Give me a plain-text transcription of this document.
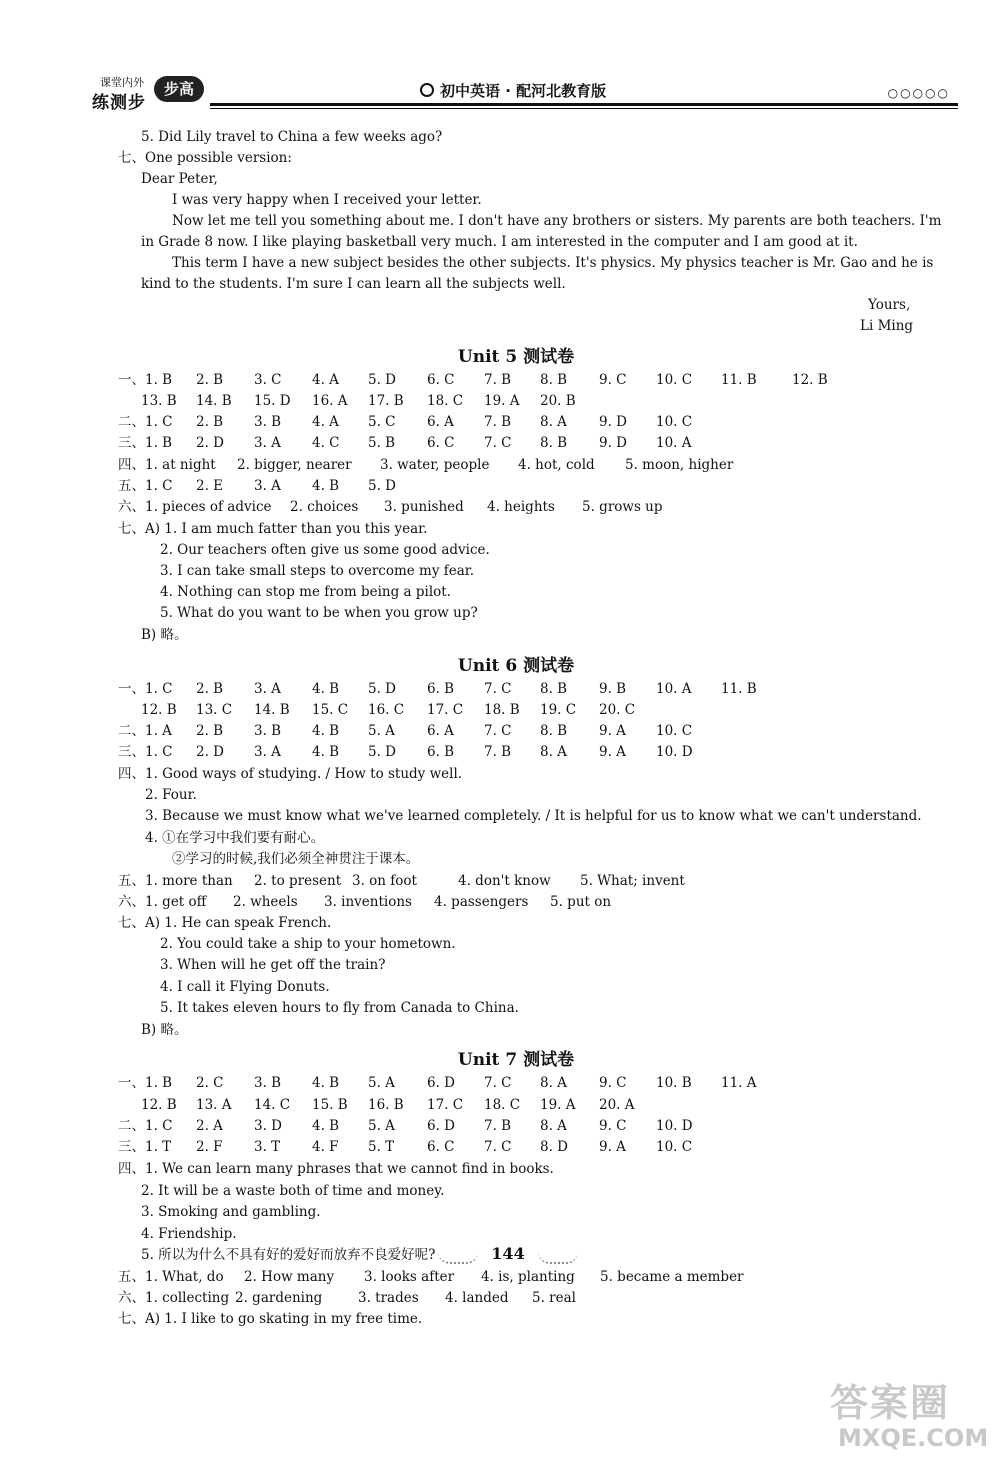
课堂内外
练测步
步高	初中英语 · 配河北教育版	○○○○○
5. Did Lily travel to China a few weeks ago?
七、One possible version:
Dear Peter,
I was very happy when I received your letter.
Now let me tell you something about me. I don't have any brothers or sisters. My parents are both teachers. I'm
in Grade 8 now. I like playing basketball very much. I am interested in the computer and I am good at it.
This term I have a new subject besides the other subjects. It's physics. My physics teacher is Mr. Gao and he is
kind to the students. I'm sure I can learn all the subjects well.
Yours,
Li Ming
Unit 5 测试卷
一、1. B 2. B 3. C 4. A 5. D 6. C 7. B 8. B 9. C 10. C 11. B	12. B
13. B 14. B 15. D 16. A 17. B 18. C 19. A 20. B
二、1. C 2. B 3. B 4. A 5. C 6. A 7. B 8. A 9. D 10. C
三、1. B 2. D 3. A 4. C 5. B 6. C 7. C 8. B 9. D 10. A
四、1. at night 2. bigger, nearer 3. water, people 4. hot, cold 5. moon, higher
五、1. C 2. E 3. A 4. B 5. D
六、1. pieces of advice 2. choices 3. punished 4. heights 5. grows up
七、A) 1. I am much fatter than you this year.
2. Our teachers often give us some good advice.
3. I can take small steps to overcome my fear.
4. Nothing can stop me from being a pilot.
5. What do you want to be when you grow up?
B) 略。
Unit 6 测试卷
一、1. C 2. B 3. A 4. B 5. D 6. B 7. C 8. B 9. B 10. A 11. B
12. B 13. C 14. B 15. C 16. C 17. C 18. B 19. C 20. C
二、1. A 2. B 3. B 4. B 5. A 6. A 7. C 8. B 9. A 10. C
三、1. C 2. D 3. A 4. B 5. D 6. B 7. B 8. A 9. A 10. D
四、1. Good ways of studying. / How to study well.
2. Four.
3. Because we must know what we've learned completely. / It is helpful for us to know what we can't understand.
4. ①在学习中我们要有耐心。
②学习的时候,我们必须全神贯注于课本。
五、1. more than 2. to present 3. on foot	4. don't know 5. What; invent
六、1. get off 2. wheels 3. inventions 4. passengers 5. put on
七、A) 1. He can speak French.
2. You could take a ship to your hometown.
3. When will he get off the train?
4. I call it Flying Donuts.
5. It takes eleven hours to fly from Canada to China.
B) 略。
Unit 7 测试卷
一、1. B 2. C 3. B 4. B 5. A 6. D 7. C 8. A 9. C 10. B 11. A
12. B 13. A 14. C 15. B 16. B 17. C 18. C 19. A 20. A
二、1. C 2. A 3. D 4. B 5. A 6. D 7. B 8. A 9. C 10. D
三、1. T 2. F 3. T 4. F 5. T 6. C 7. C 8. D 9. A 10. C
四、1. We can learn many phrases that we cannot find in books.
2. It will be a waste both of time and money.
3. Smoking and gambling.
4. Friendship.
5. 所以为什么不具有好的爱好而放弃不良爱好呢?
五、1. What, do 2. How many 3. looks after 4. is, planting 5. became a member
六、1. collecting 2. gardening	3. trades 4. landed 5. real
七、A) 1. I like to go skating in my free time.
144
答案圈
MXQE.COM
